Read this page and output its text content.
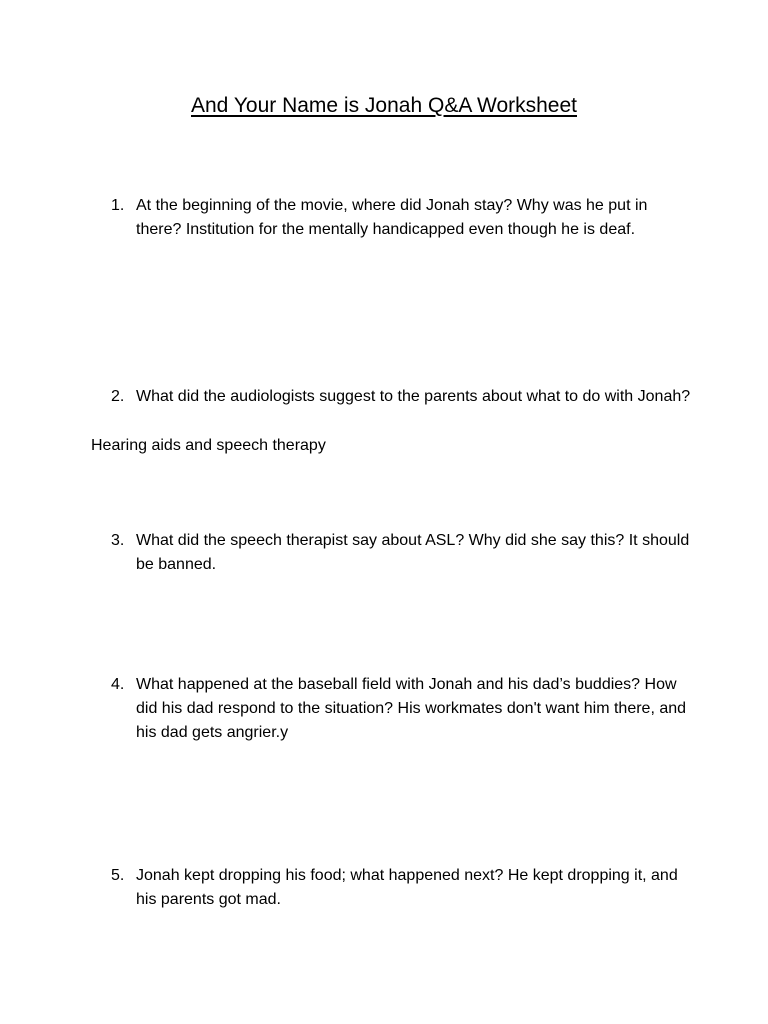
And Your Name is Jonah Q&A Worksheet
1. At the beginning of the movie, where did Jonah stay? Why was he put in there? Institution for the mentally handicapped even though he is deaf.
2. What did the audiologists suggest to the parents about what to do with Jonah?
Hearing aids and speech therapy
3. What did the speech therapist say about ASL? Why did she say this? It should be banned.
4. What happened at the baseball field with Jonah and his dad’s buddies? How did his dad respond to the situation? His workmates don't want him there, and his dad gets angrier.y
5. Jonah kept dropping his food; what happened next? He kept dropping it, and his parents got mad.
